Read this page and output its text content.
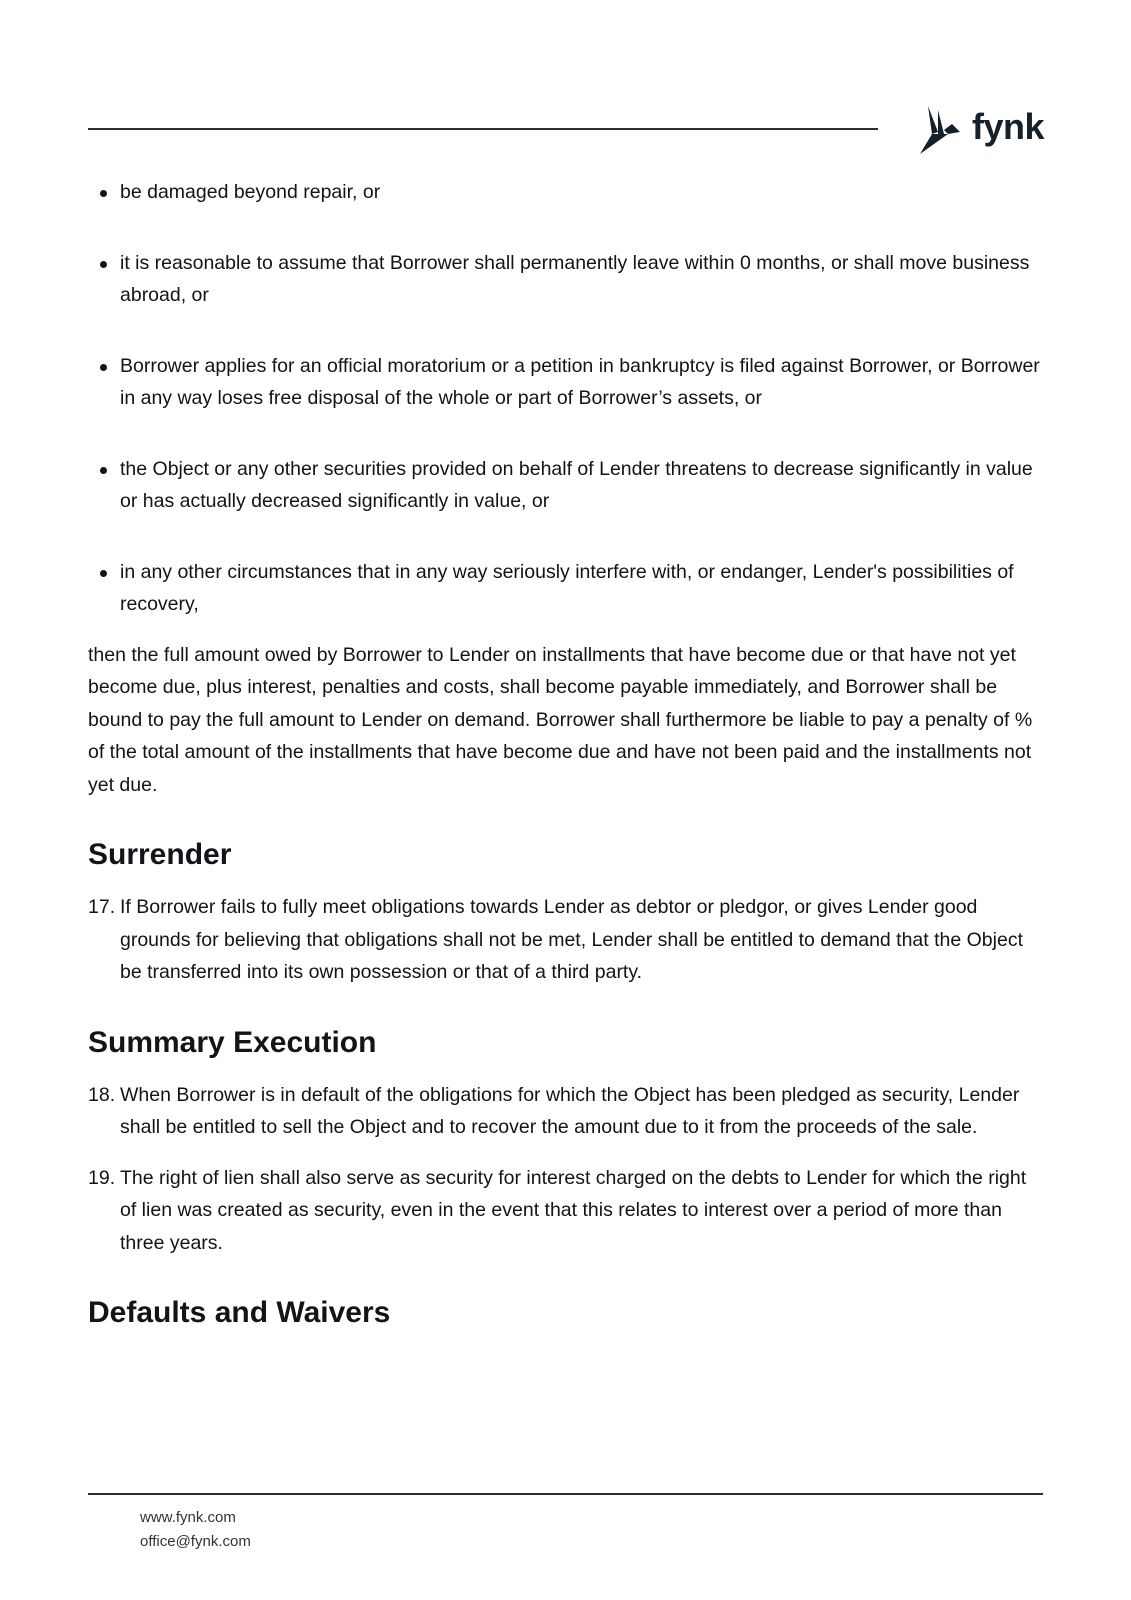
fynk
be damaged beyond repair, or
it is reasonable to assume that Borrower shall permanently leave within 0 months, or shall move business abroad, or
Borrower applies for an official moratorium or a petition in bankruptcy is filed against Borrower, or Borrower in any way loses free disposal of the whole or part of Borrower’s assets, or
the Object or any other securities provided on behalf of Lender threatens to decrease significantly in value or has actually decreased significantly in value, or
in any other circumstances that in any way seriously interfere with, or endanger, Lender's possibilities of recovery,

then the full amount owed by Borrower to Lender on installments that have become due or that have not yet become due, plus interest, penalties and costs, shall become payable immediately, and Borrower shall be bound to pay the full amount to Lender on demand. Borrower shall furthermore be liable to pay a penalty of % of the total amount of the installments that have become due and have not been paid and the installments not yet due.

Surrender
17. If Borrower fails to fully meet obligations towards Lender as debtor or pledgor, or gives Lender good grounds for believing that obligations shall not be met, Lender shall be entitled to demand that the Object be transferred into its own possession or that of a third party.
Summary Execution
18. When Borrower is in default of the obligations for which the Object has been pledged as security, Lender shall be entitled to sell the Object and to recover the amount due to it from the proceeds of the sale.
19. The right of lien shall also serve as security for interest charged on the debts to Lender for which the right of lien was created as security, even in the event that this relates to interest over a period of more than three years.
Defaults and Waivers
www.fynk.com
office@fynk.com
